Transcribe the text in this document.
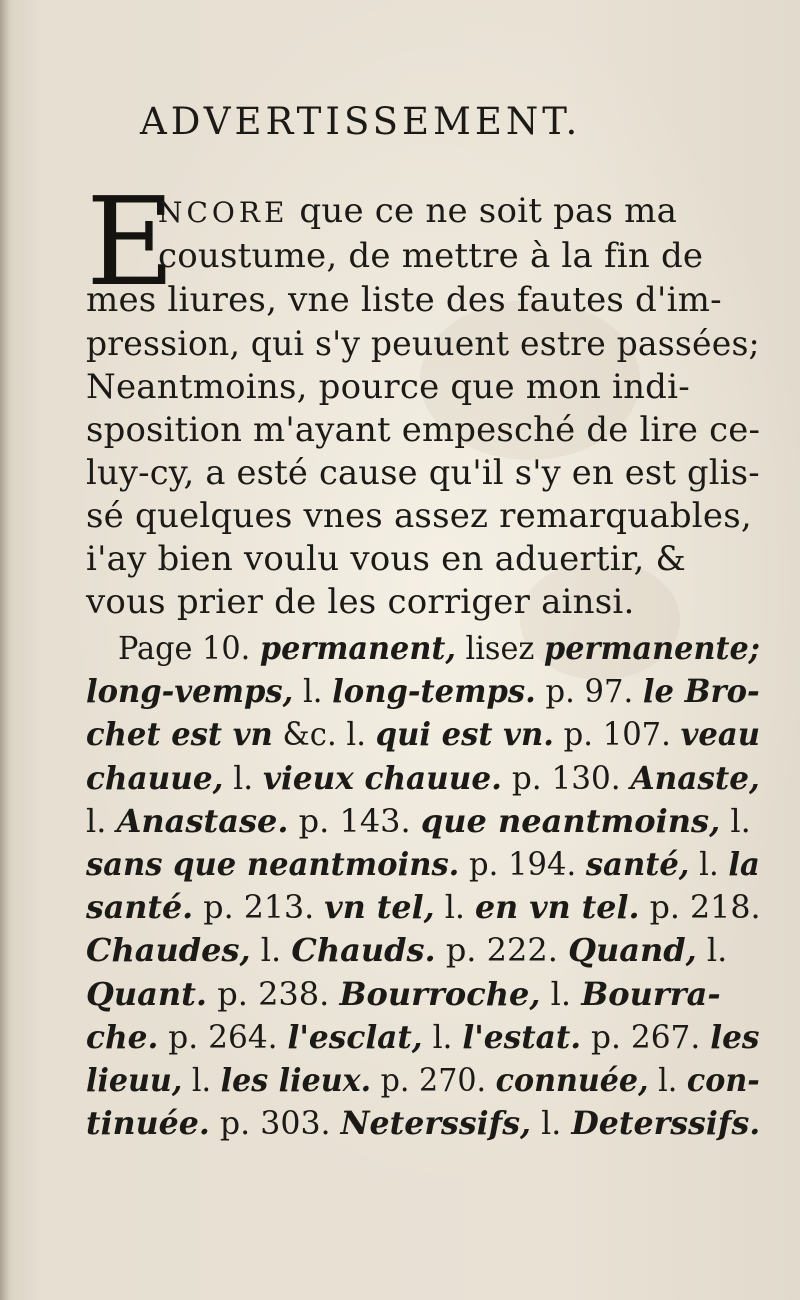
ADVERTISSEMENT.
E
NCORE que ce ne soit pas ma
coustume, de mettre à la fin de
mes liures, vne liste des fautes d'im-
pression, qui s'y peuuent estre passées;
Neantmoins, pource que mon indi-
sposition m'ayant empesché de lire ce-
luy-cy, a esté cause qu'il s'y en est glis-
sé quelques vnes assez remarquables,
i'ay bien voulu vous en aduertir, &
vous prier de les corriger ainsi.
Page 10. permanent, lisez permanente;
long-vemps, l. long-temps. p. 97. le Bro-
chet est vn &c. l. qui est vn. p. 107. veau
chauue, l. vieux chauue. p. 130. Anaste,
l. Anastase. p. 143. que neantmoins, l.
sans que neantmoins. p. 194. santé, l. la
santé. p. 213. vn tel, l. en vn tel. p. 218.
Chaudes, l. Chauds. p. 222. Quand, l.
Quant. p. 238. Bourroche, l. Bourra-
che. p. 264. l'esclat, l. l'estat. p. 267. les
lieuu, l. les lieux. p. 270. connuée, l. con-
tinuée. p. 303. Neterssifs, l. Deterssifs.
